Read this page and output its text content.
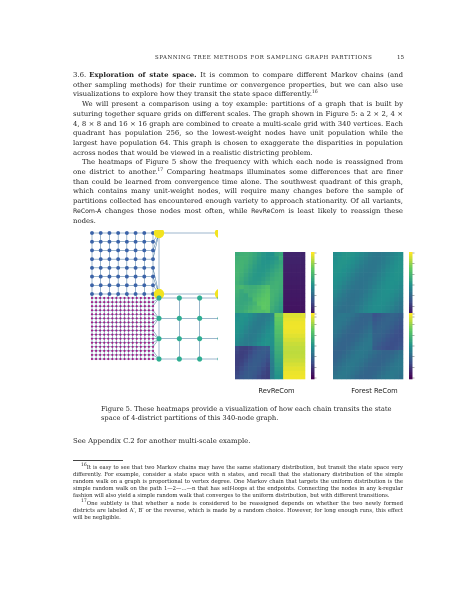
SPANNING TREE METHODS FOR SAMPLING GRAPH PARTITIONS	15

3.6. Exploration of state space. It is common to compare different Markov chains (and other sampling methods) for their runtime or convergence properties, but we can also use visualizations to explore how they transit the state space differently.$^{16}$

We will present a comparison using a toy example: partitions of a graph that is built by suturing together square grids on different scales. The graph shown in Figure 5: a 2 × 2, 4 × 4, 8 × 8 and 16 × 16 graph are combined to create a multi-scale grid with 340 vertices. Each quadrant has population 256, so the lowest-weight nodes have unit population while the largest have population 64. This graph is chosen to exaggerate the disparities in population across nodes that would be viewed in a realistic districting problem.

The heatmaps of Figure 5 show the frequency with which each node is reassigned from one district to another.$^{17}$ Comparing heatmaps illuminates some differences that are finer than could be learned from convergence time alone. The southwest quadrant of this graph, which contains many unit-weight nodes, will require many changes before the sample of partitions collected has encountered enough variety to approach stationarity. Of all variants, ReCom-A changes those nodes most often, while RevReCom is least likely to reassign these nodes.

RevReCom	Forest ReCom
Figure 5. These heatmaps provide a visualization of how each chain transits the state space of 4-district partitions of this 340-node graph.
See Appendix C.2 for another multi-scale example.

$^{16}$It is easy to see that two Markov chains may have the same stationary distribution, but transit the state space very differently. For example, consider a state space with n states, and recall that the stationary distribution of the simple random walk on a graph is proportional to vertex degree. One Markov chain that targets the uniform distribution is the simple random walk on the path 1—2—…—n that has self-loops at the endpoints. Connecting the nodes in any k-regular fashion will also yield a simple random walk that converges to the uniform distribution, but with different transitions.

$^{17}$One subtlety is that whether a node is considered to be reassigned depends on whether the two newly formed districts are labeled A′, B′ or the reverse, which is made by a random choice. However, for long enough runs, this effect will be negligible.
